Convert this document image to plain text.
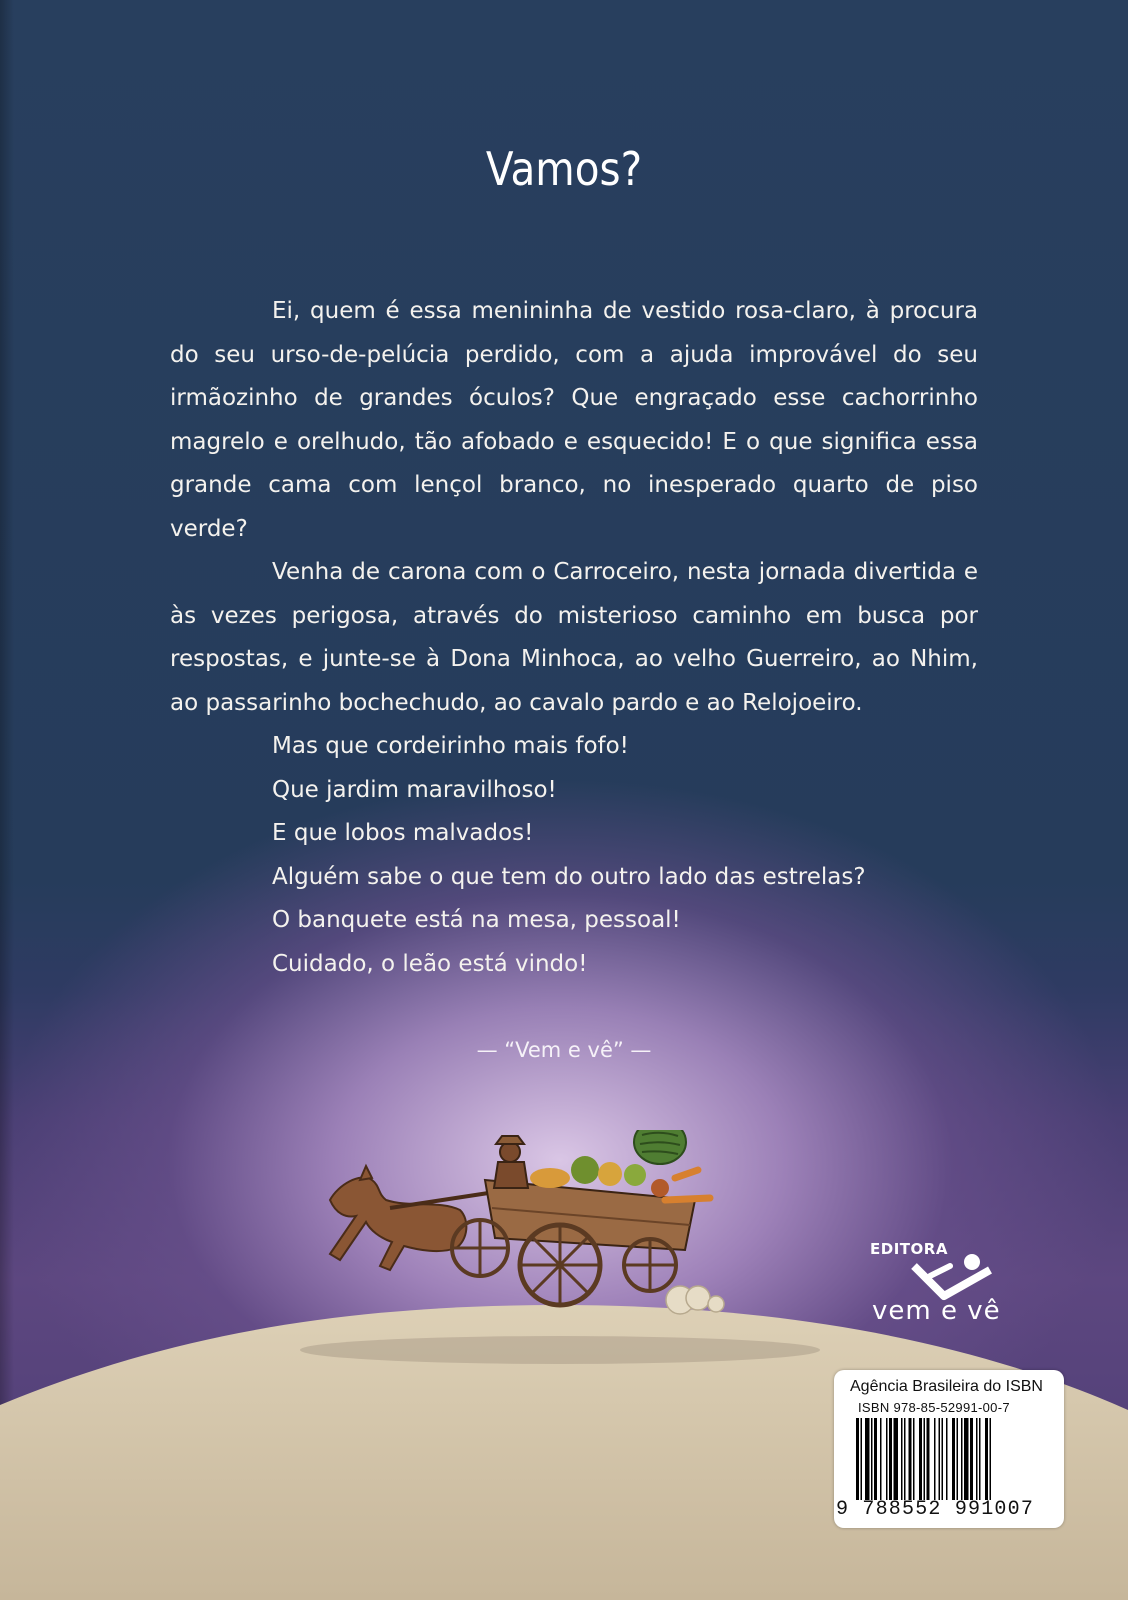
Vamos?

Ei, quem é essa menininha de vestido rosa-claro, à procura do seu urso-de-pelúcia perdido, com a ajuda improvável do seu irmãozinho de grandes óculos? Que engraçado esse cachorrinho magrelo e orelhudo, tão afobado e esquecido! E o que significa essa grande cama com lençol branco, no inesperado quarto de piso verde?

Venha de carona com o Carroceiro, nesta jornada divertida e às vezes perigosa, através do misterioso caminho em busca por respostas, e junte-se à Dona Minhoca, ao velho Guerreiro, ao Nhim, ao passarinho bochechudo, ao cavalo pardo e ao Relojoeiro.

Mas que cordeirinho mais fofo!

Que jardim maravilhoso!

E que lobos malvados!

Alguém sabe o que tem do outro lado das estrelas?

O banquete está na mesa, pessoal!

Cuidado, o leão está vindo!

— “Vem e vê” —
EDITORA
vem e vê
Agência Brasileira do ISBN
ISBN 978-85-52991-00-7
9 788552 991007
